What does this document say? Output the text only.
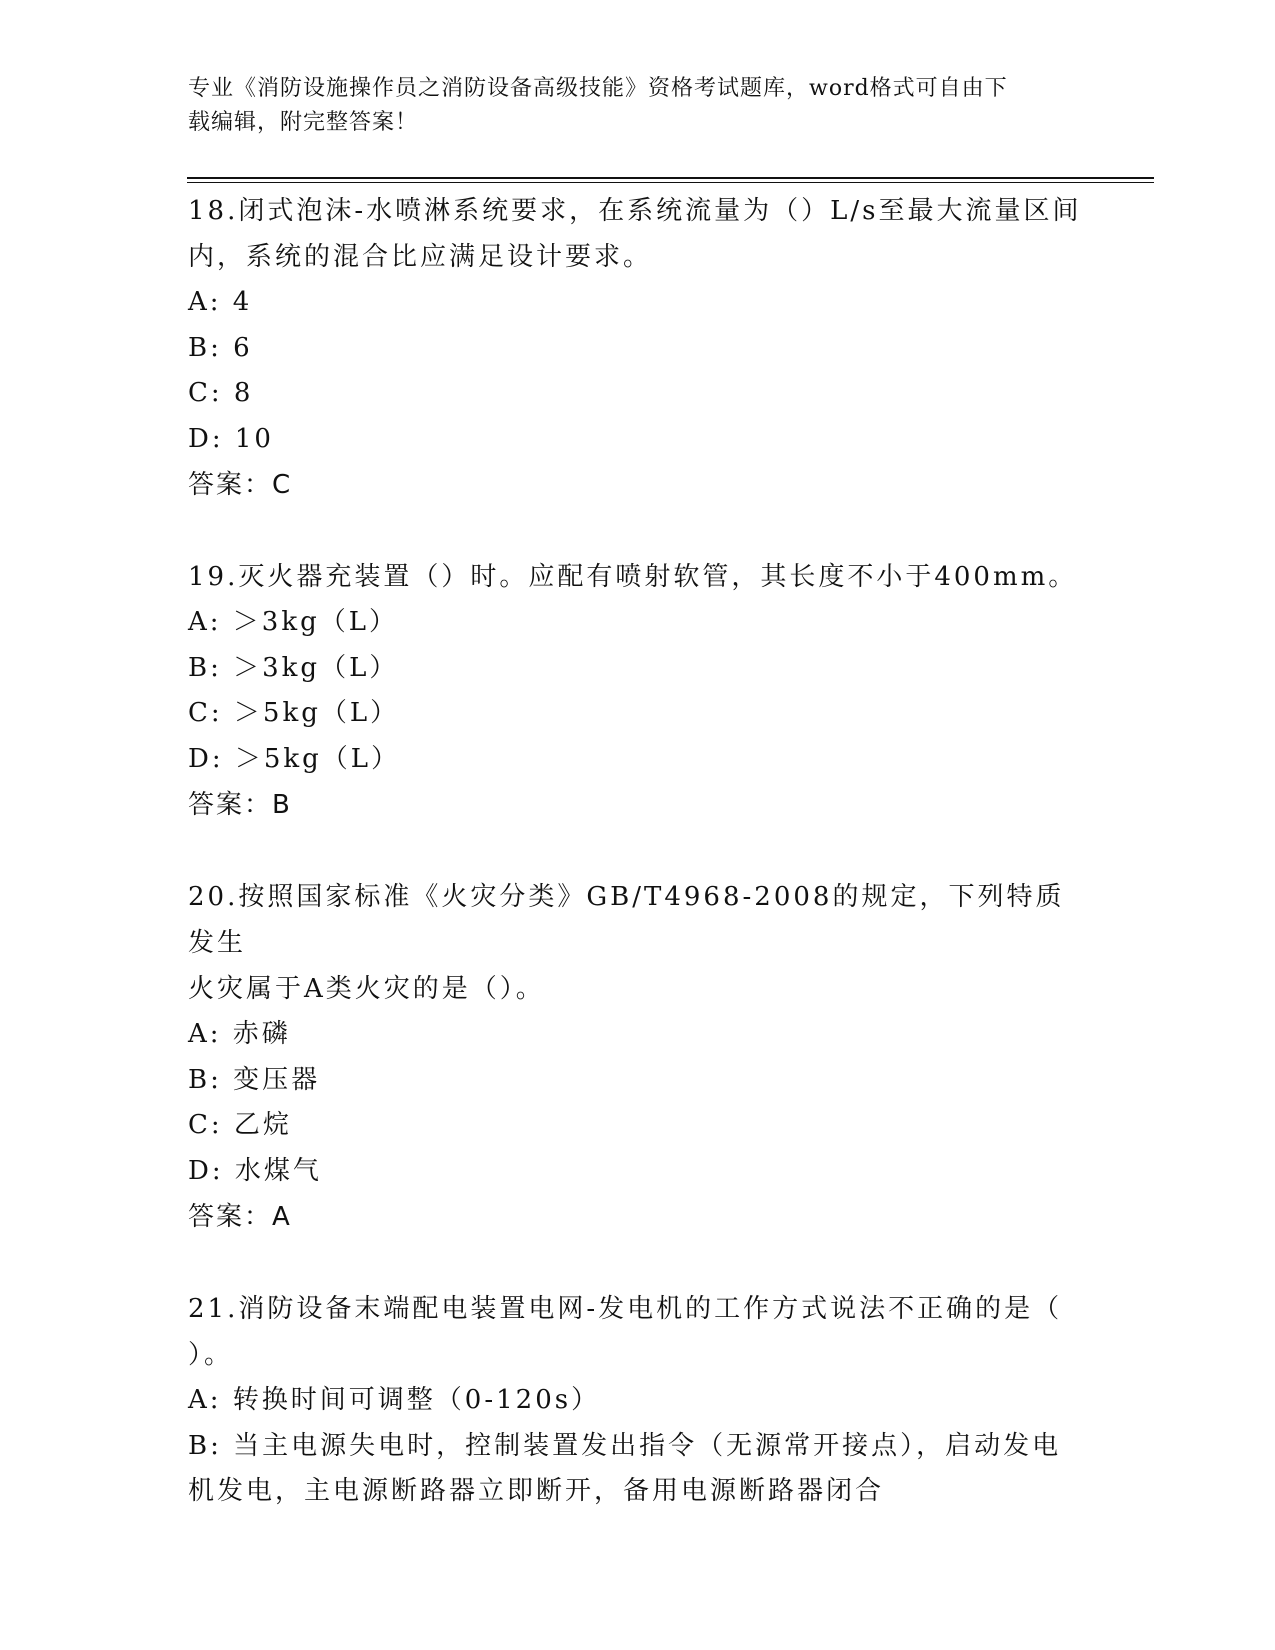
专业《消防设施操作员之消防设备高级技能》资格考试题库，word格式可自由下
载编辑，附完整答案！

18.闭式泡沫-水喷淋系统要求，在系统流量为（）L/s至最大流量区间

内，系统的混合比应满足设计要求。

A: 4

B: 6

C: 8

D: 10

答案：C

19.灭火器充装置（）时。应配有喷射软管，其长度不小于400mm。

A: ＞3kg（L）

B: ＞3kg（L）

C: ＞5kg（L）

D: ＞5kg（L）

答案：B

20.按照国家标准《火灾分类》GB/T4968-2008的规定，下列特质发生

火灾属于A类火灾的是（）。

A: 赤磷

B: 变压器

C: 乙烷

D: 水煤气

答案：A

21.消防设备末端配电装置电网-发电机的工作方式说法不正确的是（

）。

A: 转换时间可调整（0-120s）

B: 当主电源失电时，控制装置发出指令（无源常开接点），启动发电

机发电，主电源断路器立即断开，备用电源断路器闭合
